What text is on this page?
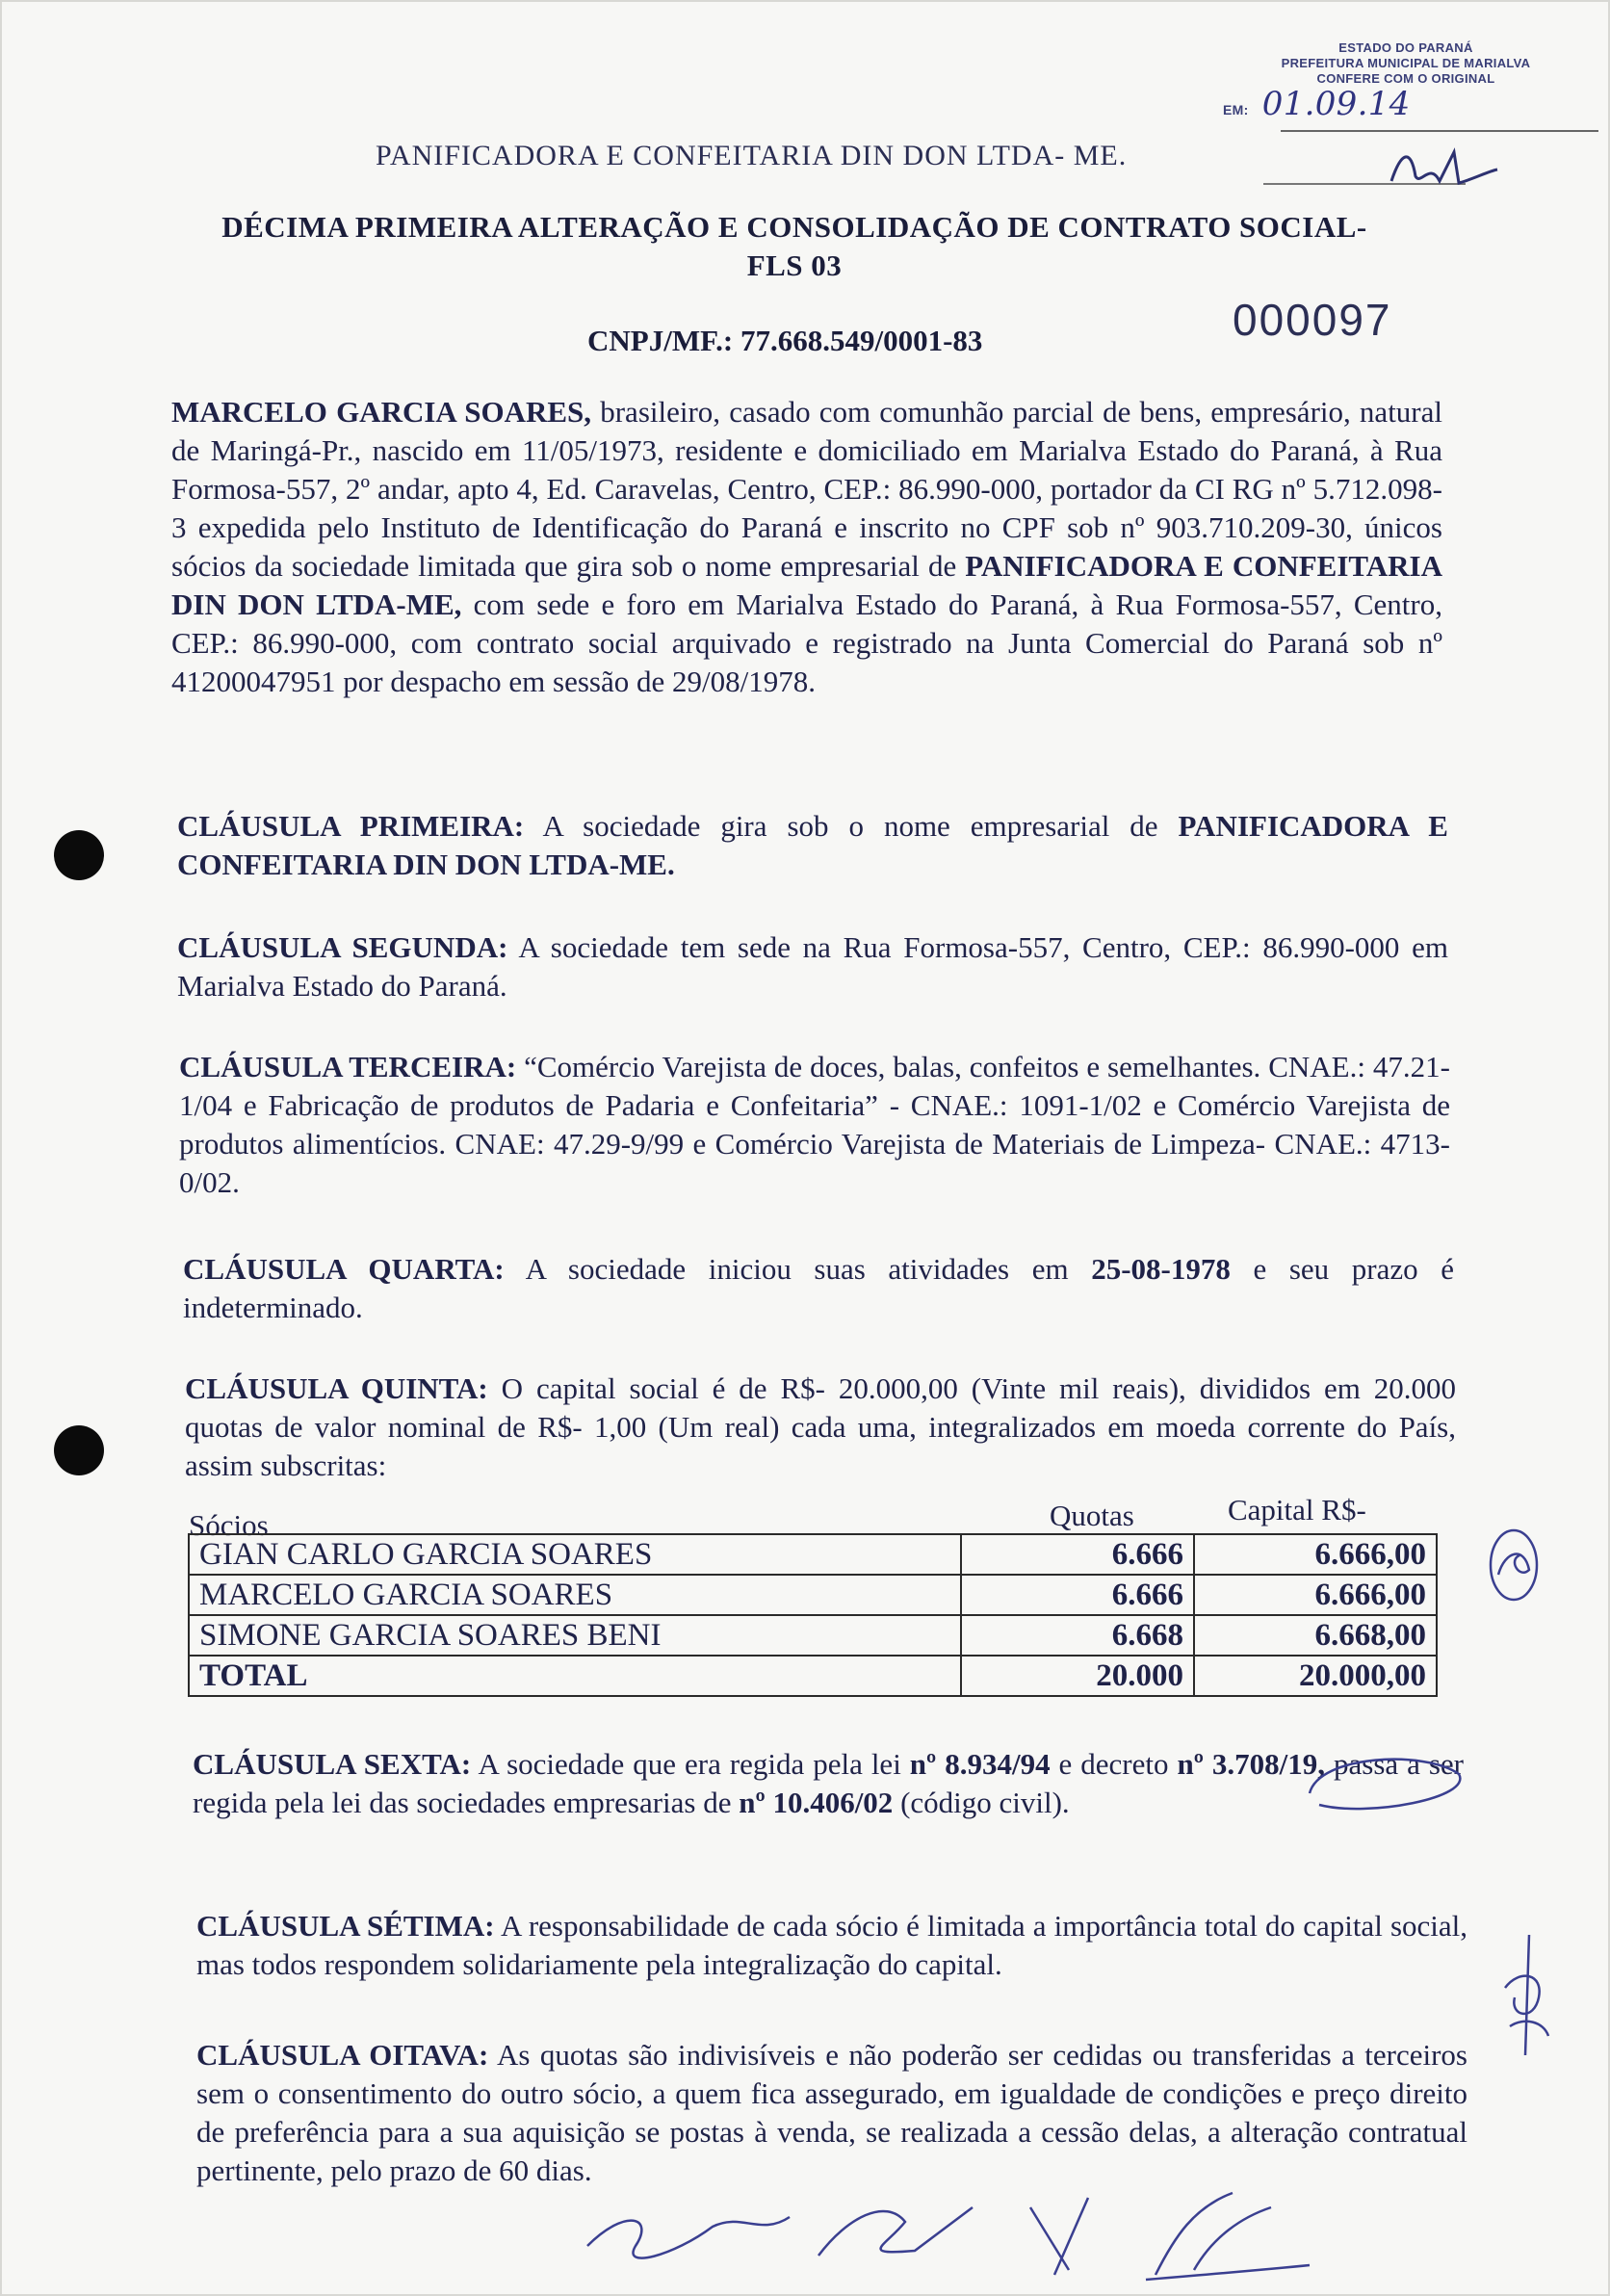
ESTADO DO PARANÁ
PREFEITURA MUNICIPAL DE MARIALVA
CONFERE COM O ORIGINAL
EM: 01.09.14
PANIFICADORA E CONFEITARIA DIN DON LTDA- ME.
DÉCIMA PRIMEIRA ALTERAÇÃO E CONSOLIDAÇÃO DE CONTRATO SOCIAL-
FLS 03
CNPJ/MF.: 77.668.549/0001-83	000097
MARCELO GARCIA SOARES, brasileiro, casado com comunhão parcial de bens, empresário, natural de Maringá-Pr., nascido em 11/05/1973, residente e domiciliado em Marialva Estado do Paraná, à Rua Formosa-557, 2º andar, apto 4, Ed. Caravelas, Centro, CEP.: 86.990-000, portador da CI RG nº 5.712.098-3 expedida pelo Instituto de Identificação do Paraná e inscrito no CPF sob nº 903.710.209-30, únicos sócios da sociedade limitada que gira sob o nome empresarial de PANIFICADORA E CONFEITARIA DIN DON LTDA-ME, com sede e foro em Marialva Estado do Paraná, à Rua Formosa-557, Centro, CEP.: 86.990-000, com contrato social arquivado e registrado na Junta Comercial do Paraná sob nº 41200047951 por despacho em sessão de 29/08/1978.
CLÁUSULA PRIMEIRA: A sociedade gira sob o nome empresarial de PANIFICADORA E CONFEITARIA DIN DON LTDA-ME.
CLÁUSULA SEGUNDA: A sociedade tem sede na Rua Formosa-557, Centro, CEP.: 86.990-000 em Marialva Estado do Paraná.
CLÁUSULA TERCEIRA: “Comércio Varejista de doces, balas, confeitos e semelhantes. CNAE.: 47.21-1/04 e Fabricação de produtos de Padaria e Confeitaria” - CNAE.: 1091-1/02 e Comércio Varejista de produtos alimentícios. CNAE: 47.29-9/99 e Comércio Varejista de Materiais de Limpeza- CNAE.: 4713-0/02.
CLÁUSULA QUARTA: A sociedade iniciou suas atividades em 25-08-1978 e seu prazo é indeterminado.
CLÁUSULA QUINTA: O capital social é de R$- 20.000,00 (Vinte mil reais), divididos em 20.000 quotas de valor nominal de R$- 1,00 (Um real) cada uma, integralizados em moeda corrente do País, assim subscritas:
Sócios	Quotas	Capital R$-
GIAN CARLO GARCIA SOARES	6.666	6.666,00
MARCELO GARCIA SOARES	6.666	6.666,00
SIMONE GARCIA SOARES BENI	6.668	6.668,00
TOTAL	20.000	20.000,00
CLÁUSULA SEXTA: A sociedade que era regida pela lei nº 8.934/94 e decreto nº 3.708/19, passa a ser regida pela lei das sociedades empresarias de nº 10.406/02 (código civil).
CLÁUSULA SÉTIMA: A responsabilidade de cada sócio é limitada a importância total do capital social, mas todos respondem solidariamente pela integralização do capital.
CLÁUSULA OITAVA: As quotas são indivisíveis e não poderão ser cedidas ou transferidas a terceiros sem o consentimento do outro sócio, a quem fica assegurado, em igualdade de condições e preço direito de preferência para a sua aquisição se postas à venda, se realizada a cessão delas, a alteração contratual pertinente, pelo prazo de 60 dias.
